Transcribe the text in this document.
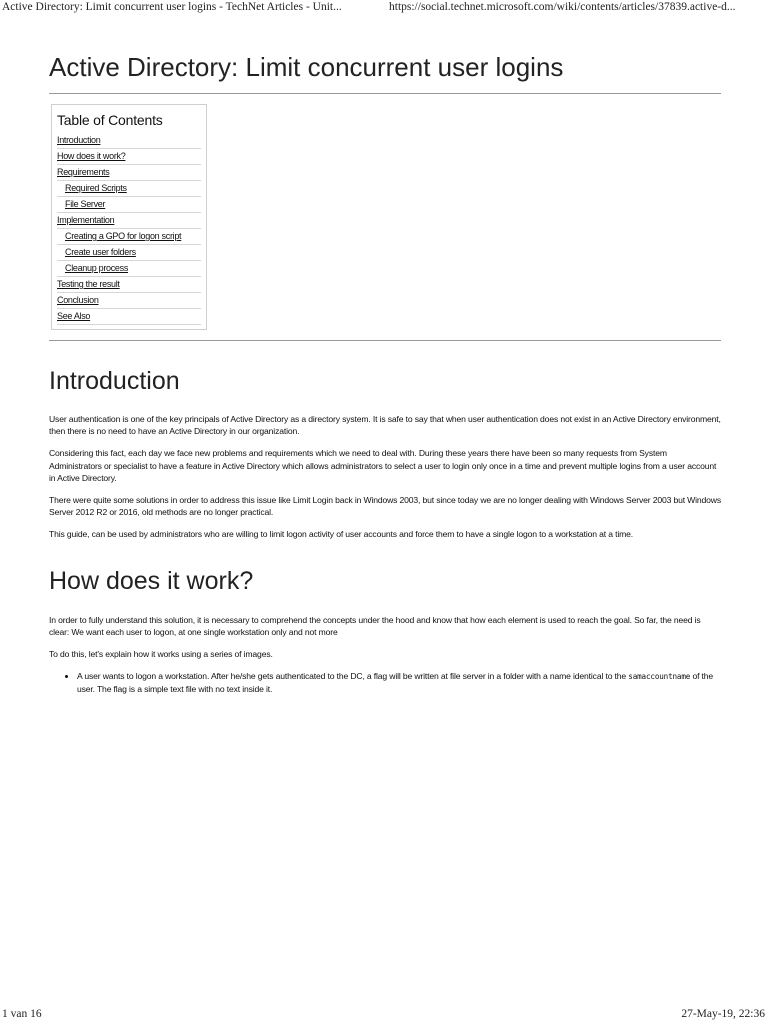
Active Directory: Limit concurrent user logins - TechNet Articles - Unit...	https://social.technet.microsoft.com/wiki/contents/articles/37839.active-d...
Active Directory: Limit concurrent user logins
Table of Contents
Introduction
How does it work?
Requirements
Required Scripts
File Server
Implementation
Creating a GPO for logon script
Create user folders
Cleanup process
Testing the result
Conclusion
See Also
Introduction

User authentication is one of the key principals of Active Directory as a directory system. It is safe to say that when user authentication does not exist in an Active Directory environment, then there is no need to have an Active Directory in our organization.

Considering this fact, each day we face new problems and requirements which we need to deal with. During these years there have been so many requests from System Administrators or specialist to have a feature in Active Directory which allows administrators to select a user to login only once in a time and prevent multiple logins from a user account in Active Directory.

There were quite some solutions in order to address this issue like Limit Login back in Windows 2003, but since today we are no longer dealing with Windows Server 2003 but Windows Server 2012 R2 or 2016, old methods are no longer practical.

This guide, can be used by administrators who are willing to limit logon activity of user accounts and force them to have a single logon to a workstation at a time.

How does it work?

In order to fully understand this solution, it is necessary to comprehend the concepts under the hood and know that how each element is used to reach the goal. So far, the need is clear: We want each user to logon, at one single workstation only and not more

To do this, let's explain how it works using a series of images.

• A user wants to logon a workstation. After he/she gets authenticated to the DC, a flag will be written at file server in a folder with a name identical to the samaccountname of the user. The flag is a simple text file with no text inside it.
1 van 16	27-May-19, 22:36
